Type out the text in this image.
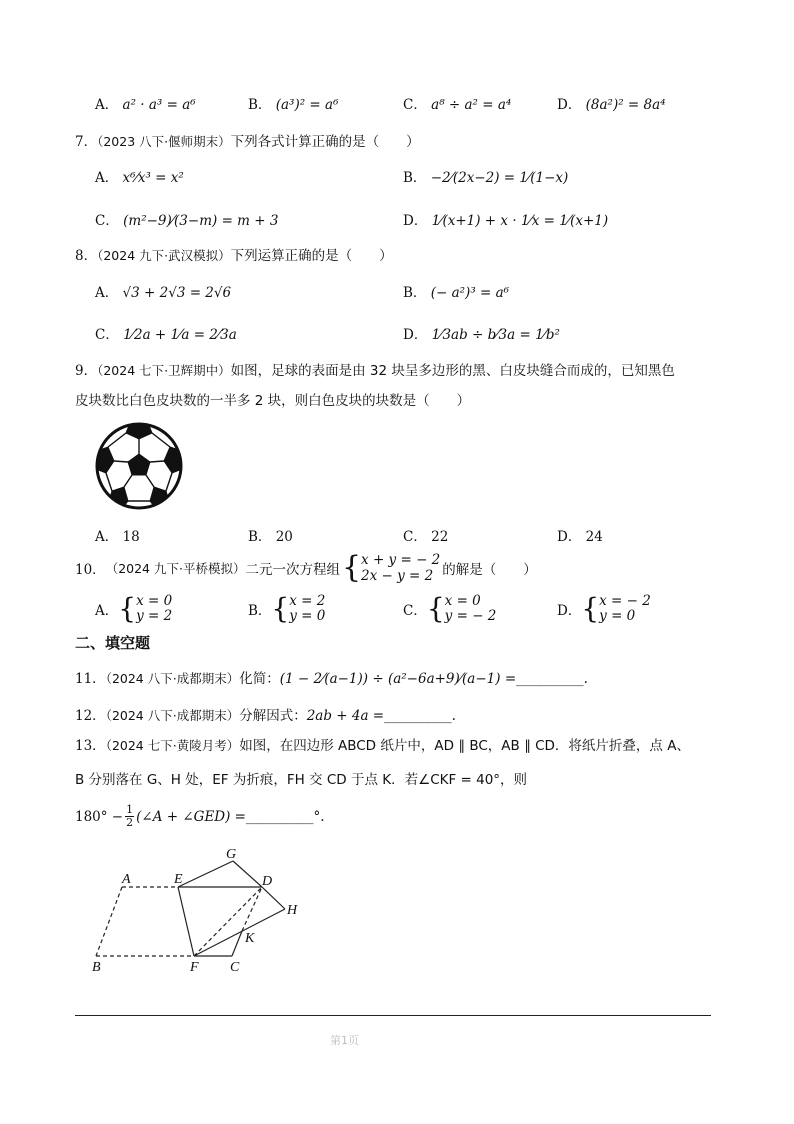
A． a² · a³ = a⁶	B． (a³)² = a⁶	C． a⁸ ÷ a² = a⁴	D． (8a²)² = 8a⁴
7．（2023 八下·偃师期末）下列各式计算正确的是（　　）
A． x⁶⁄x³ = x²	B． −2⁄(2x−2) = 1⁄(1−x)
C． (m²−9)⁄(3−m) = m + 3	D． 1⁄(x+1) + x · 1⁄x = 1⁄(x+1)
8．（2024 九下·武汉模拟）下列运算正确的是（　　）
A． √3 + 2√3 = 2√6	B． (− a²)³ = a⁶
C． 1⁄2a + 1⁄a = 2⁄3a	D． 1⁄3ab ÷ b⁄3a = 1⁄b²
9．（2024 七下·卫辉期中）如图，足球的表面是由 32 块呈多边形的黑、白皮块缝合而成的，已知黑色
皮块数比白色皮块数的一半多 2 块，则白色皮块的块数是（　　）
A． 18	B． 20	C． 22	D． 24
10． （2024 九下·平桥模拟） 二元一次方程组 { x + y = − 2
2x − y = 2 的解是（　　）
A． { x = 0
y = 2	B． { x = 2
y = 0	C． { x = 0
y = − 2	D． { x = − 2
y = 0
二、填空题
11．（2024 八下·成都期末）化简：(1 − 2⁄(a−1)) ÷ (a²−6a+9)⁄(a−1) =__________.
12．（2024 八下·成都期末）分解因式：2ab + 4a =__________.
13．（2024 七下·黄陵月考）如图，在四边形 ABCD 纸片中，AD ∥ BC，AB ∥ CD．将纸片折叠，点 A、
B 分别落在 G、H 处，EF 为折痕，FH 交 CD 于点 K．若∠CKF = 40°，则
$180^\circ - \frac{1}{2}$ (∠A + ∠GED) = __________ °.
A
B	C
D
E
F
G
H
K
第1页
